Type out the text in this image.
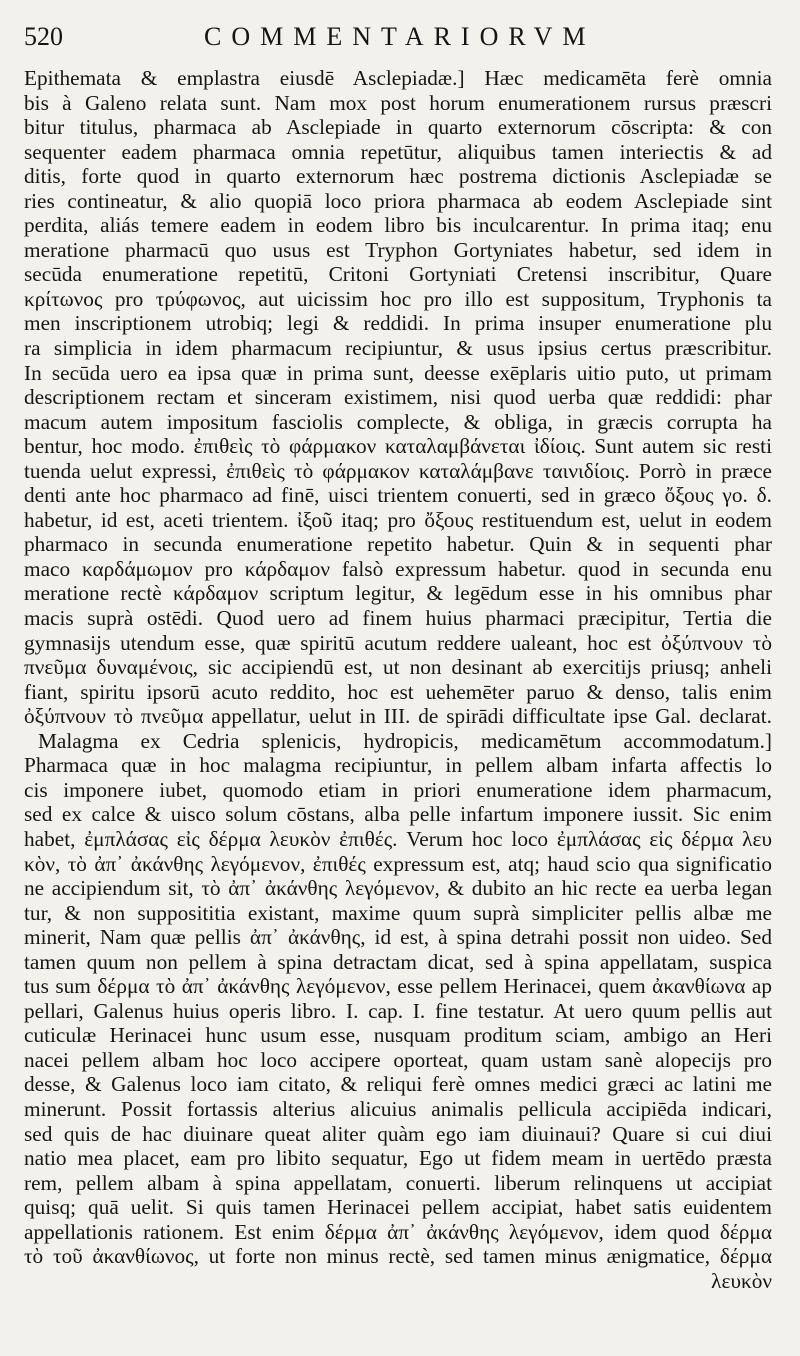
520	COMMENTARIORVM
Epithemata & emplastra eiusdē Asclepiadæ.] Hæc medicamēta ferè omnia
bis à Galeno relata sunt. Nam mox post horum enumerationem rursus præscri
bitur titulus, pharmaca ab Asclepiade in quarto externorum cōscripta: & con
sequenter eadem pharmaca omnia repetūtur, aliquibus tamen interiectis & ad
ditis, forte quod in quarto externorum hæc postrema dictionis Asclepiadæ se
ries contineatur, & alio quopiā loco priora pharmaca ab eodem Asclepiade sint
perdita, aliás temere eadem in eodem libro bis inculcarentur. In prima itaq; enu
meratione pharmacū quo usus est Tryphon Gortyniates habetur, sed idem in
secūda enumeratione repetitū, Critoni Gortyniati Cretensi inscribitur, Quare
κρίτωνος pro τρύφωνος, aut uicissim hoc pro illo est suppositum, Tryphonis ta
men inscriptionem utrobiq; legi & reddidi. In prima insuper enumeratione plu
ra simplicia in idem pharmacum recipiuntur, & usus ipsius certus præscribitur.
In secūda uero ea ipsa quæ in prima sunt, deesse exēplaris uitio puto, ut primam
descriptionem rectam et sinceram existimem, nisi quod uerba quæ reddidi: phar
macum autem impositum fasciolis complecte, & obliga, in græcis corrupta ha
bentur, hoc modo. ἐπιθεὶς τὸ φάρμακον καταλαμβάνεται ἰδίοις. Sunt autem sic resti
tuenda uelut expressi, ἐπιθεὶς τὸ φάρμακον καταλάμβανε ταινιδίοις. Porrò in præce
denti ante hoc pharmaco ad finē, uisci trientem conuerti, sed in græco ὄξους γο. δ.
habetur, id est, aceti trientem. ἰξοῦ itaq; pro ὄξους restituendum est, uelut in eodem
pharmaco in secunda enumeratione repetito habetur. Quin & in sequenti phar
maco καρδάμωμον pro κάρδαμον falsò expressum habetur. quod in secunda enu
meratione rectè κάρδαμον scriptum legitur, & legēdum esse in his omnibus phar
macis suprà ostēdi. Quod uero ad finem huius pharmaci præcipitur, Tertia die
gymnasijs utendum esse, quæ spiritū acutum reddere ualeant, hoc est ὀξύπνουν τὸ
πνεῦμα δυναμένοις, sic accipiendū est, ut non desinant ab exercitijs priusq; anheli
fiant, spiritu ipsorū acuto reddito, hoc est uehemēter paruo & denso, talis enim
ὀξύπνουν τὸ πνεῦμα appellatur, uelut in III. de spirādi difficultate ipse Gal. declarat.
Malagma ex Cedria splenicis, hydropicis, medicamētum accommodatum.]
Pharmaca quæ in hoc malagma recipiuntur, in pellem albam infarta affectis lo
cis imponere iubet, quomodo etiam in priori enumeratione idem pharmacum,
sed ex calce & uisco solum cōstans, alba pelle infartum imponere iussit. Sic enim
habet, ἐμπλάσας εἰς δέρμα λευκὸν ἐπιθές. Verum hoc loco ἐμπλάσας εἰς δέρμα λευ
κὸν, τὸ ἀπ᾽ ἀκάνθης λεγόμενον, ἐπιθές expressum est, atq; haud scio qua significatio
ne accipiendum sit, τὸ ἀπ᾽ ἀκάνθης λεγόμενον, & dubito an hic recte ea uerba legan
tur, & non supposititia existant, maxime quum suprà simpliciter pellis albæ me
minerit, Nam quæ pellis ἀπ᾽ ἀκάνθης, id est, à spina detrahi possit non uideo. Sed
tamen quum non pellem à spina detractam dicat, sed à spina appellatam, suspica
tus sum δέρμα τὸ ἀπ᾽ ἀκάνθης λεγόμενον, esse pellem Herinacei, quem ἀκανθίωνα ap
pellari, Galenus huius operis libro. I. cap. I. fine testatur. At uero quum pellis aut
cuticulæ Herinacei hunc usum esse, nusquam proditum sciam, ambigo an Heri
nacei pellem albam hoc loco accipere oporteat, quam ustam sanè alopecijs pro
desse, & Galenus loco iam citato, & reliqui ferè omnes medici græci ac latini me
minerunt. Possit fortassis alterius alicuius animalis pellicula accipiēda indicari,
sed quis de hac diuinare queat aliter quàm ego iam diuinaui? Quare si cui diui
natio mea placet, eam pro libito sequatur, Ego ut fidem meam in uertēdo præsta
rem, pellem albam à spina appellatam, conuerti. liberum relinquens ut accipiat
quisq; quā uelit. Si quis tamen Herinacei pellem accipiat, habet satis euidentem
appellationis rationem. Est enim δέρμα ἀπ᾽ ἀκάνθης λεγόμενον, idem quod δέρμα
τὸ τοῦ ἀκανθίωνος, ut forte non minus rectè, sed tamen minus ænigmatice, δέρμα
λευκὸν
